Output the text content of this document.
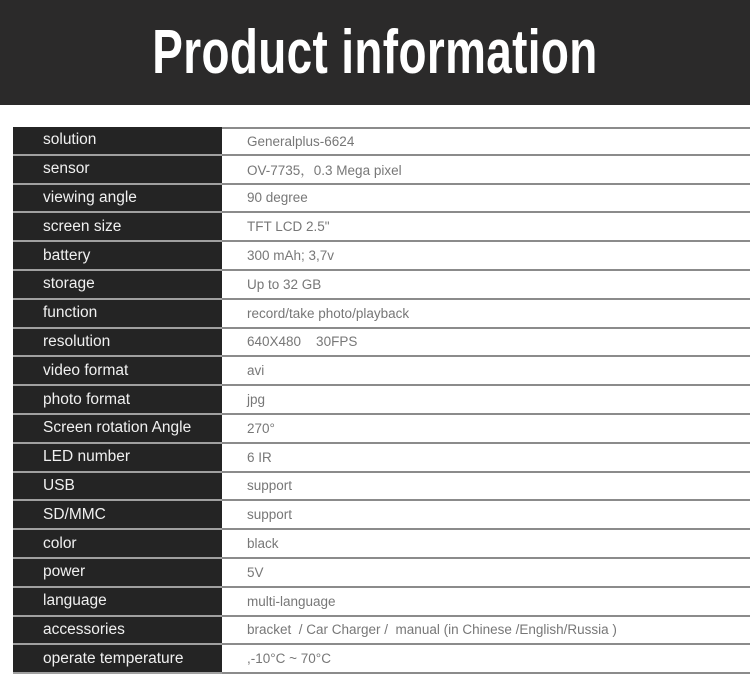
Product information
solution	Generalplus-6624
sensor	OV-7735，0.3 Mega pixel
viewing angle	90 degree
screen size	TFT LCD 2.5"
battery	300 mAh; 3,7v
storage	Up to 32 GB
function	record/take photo/playback
resolution	640X480    30FPS
video format	avi
photo format	jpg
Screen rotation Angle	270°
LED number	6 IR
USB	support
SD/MMC	support
color	black
power	5V
language	multi-language
accessories	bracket  / Car Charger /  manual (in Chinese /English/Russia )
operate temperature	,-10°C ~ 70°C
